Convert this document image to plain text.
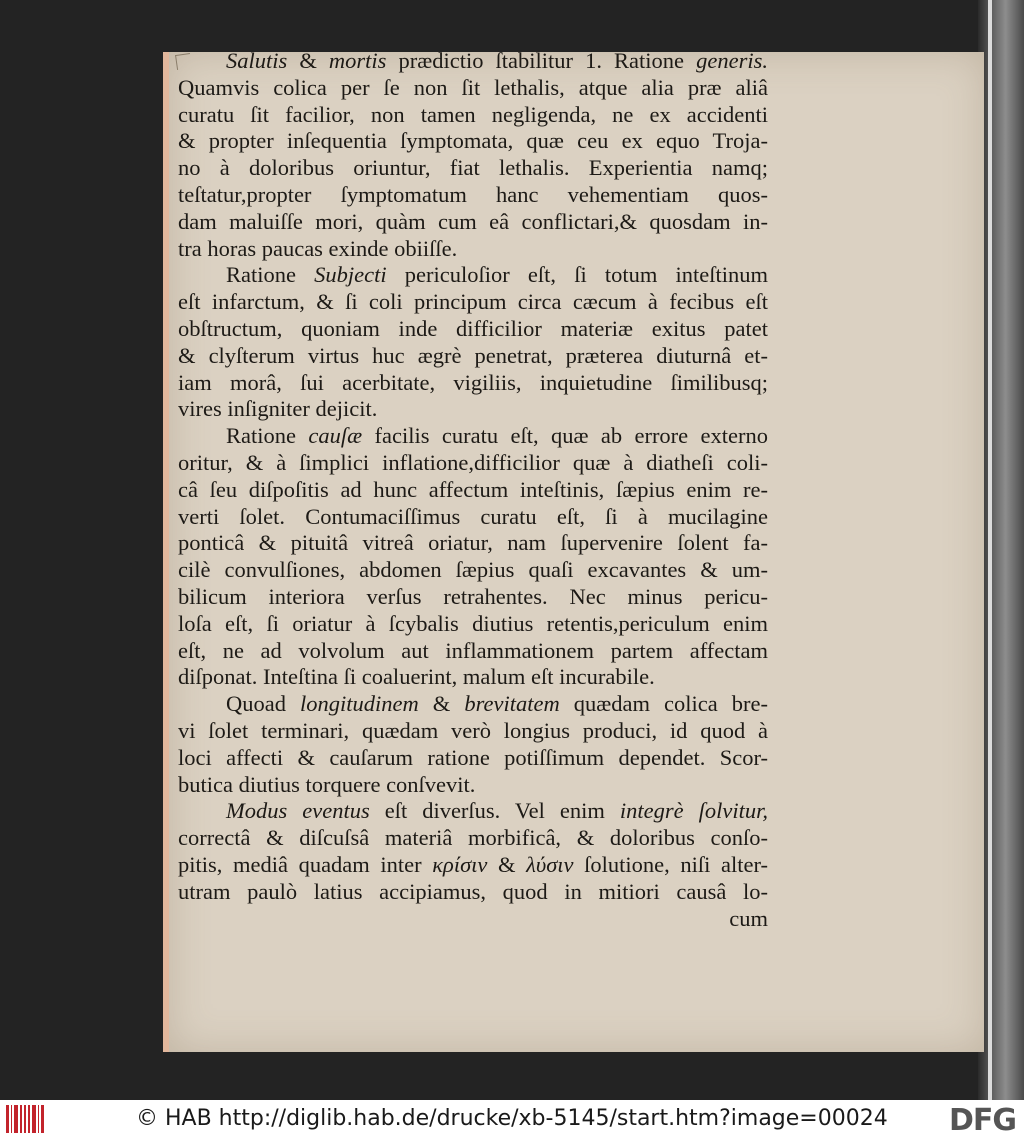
Salutis & mortis prædictio ſtabilitur 1. Ratione generis.
Quamvis colica per ſe non ſit lethalis, atque alia præ aliâ
curatu ſit facilior, non tamen negligenda, ne ex accidenti
& propter inſequentia ſymptomata, quæ ceu ex equo Troja-
no à doloribus oriuntur, fiat lethalis. Experientia namq;
teſtatur,propter ſymptomatum hanc vehementiam quos-
dam maluiſſe mori, quàm cum eâ conflictari,& quosdam in-
tra horas paucas exinde obiiſſe.
Ratione Subjecti periculoſior eſt, ſi totum inteſtinum
eſt infarctum, & ſi coli principum circa cæcum à fecibus eſt
obſtructum, quoniam inde difficilior materiæ exitus patet
& clyſterum virtus huc ægrè penetrat, præterea diuturnâ et-
iam morâ, ſui acerbitate, vigiliis, inquietudine ſimilibusq;
vires inſigniter dejicit.
Ratione cauſæ facilis curatu eſt, quæ ab errore externo
oritur, & à ſimplici inflatione,difficilior quæ à diatheſi coli-
câ ſeu diſpoſitis ad hunc affectum inteſtinis, ſæpius enim re-
verti ſolet. Contumaciſſimus curatu eſt, ſi à mucilagine
ponticâ & pituitâ vitreâ oriatur, nam ſupervenire ſolent fa-
cilè convulſiones, abdomen ſæpius quaſi excavantes & um-
bilicum interiora verſus retrahentes. Nec minus pericu-
loſa eſt, ſi oriatur à ſcybalis diutius retentis,periculum enim
eſt, ne ad volvolum aut inflammationem partem affectam
diſponat. Inteſtina ſi coaluerint, malum eſt incurabile.
Quoad longitudinem & brevitatem quædam colica bre-
vi ſolet terminari, quædam verò longius produci, id quod à
loci affecti & cauſarum ratione potiſſimum dependet. Scor-
butica diutius torquere conſvevit.
Modus eventus eſt diverſus. Vel enim integrè ſolvitur,
correctâ & diſcuſsâ materiâ morbificâ, & doloribus conſo-
pitis, mediâ quadam inter κρίσιν & λύσιν ſolutione, niſi alter-
utram paulò latius accipiamus, quod in mitiori causâ lo-
cum
© HAB http://diglib.hab.de/drucke/xb-5145/start.htm?image=00024 DFG
